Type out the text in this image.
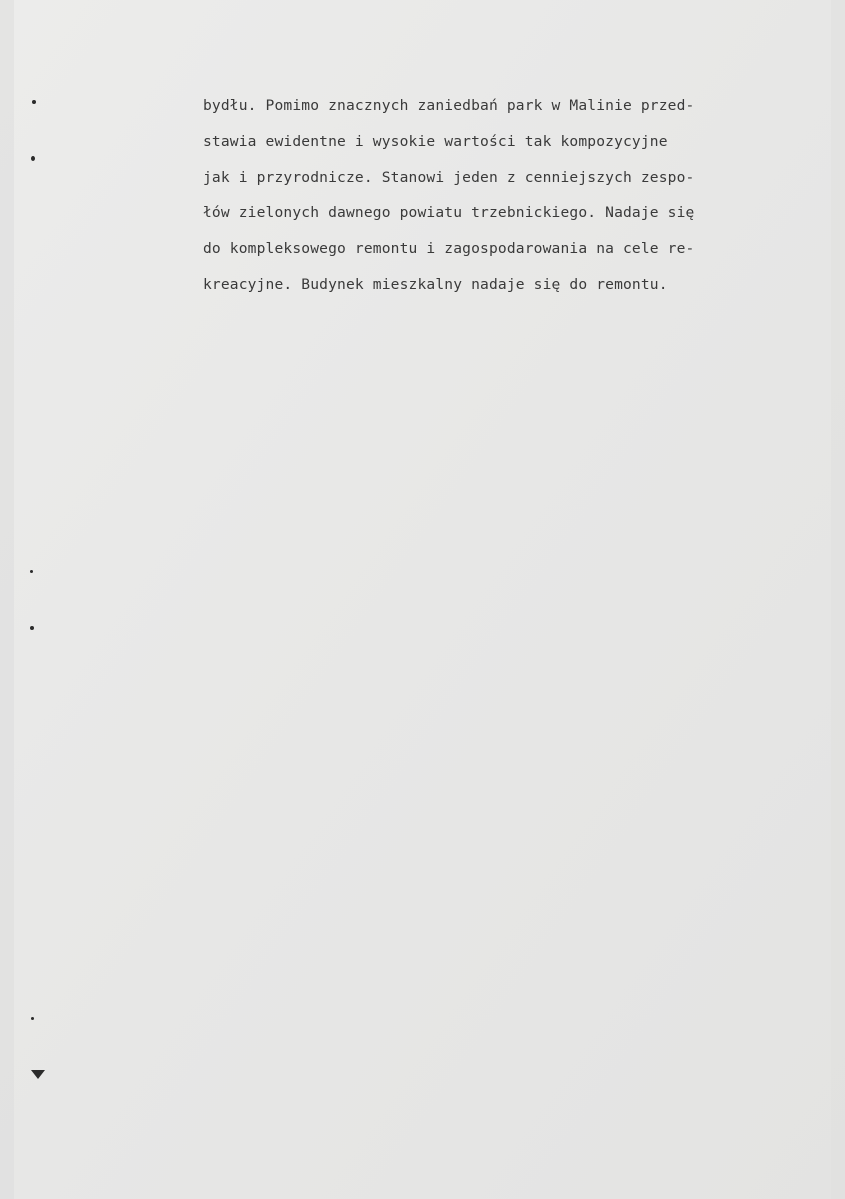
bydłu. Pomimo znacznych zaniedbań park w Malinie przed-
stawia ewidentne i wysokie wartości tak kompozycyjne
jak i przyrodnicze. Stanowi jeden z cenniejszych zespo-
łów zielonych dawnego powiatu trzebnickiego. Nadaje się
do kompleksowego remontu i zagospodarowania na cele re-
kreacyjne. Budynek mieszkalny nadaje się do remontu.
